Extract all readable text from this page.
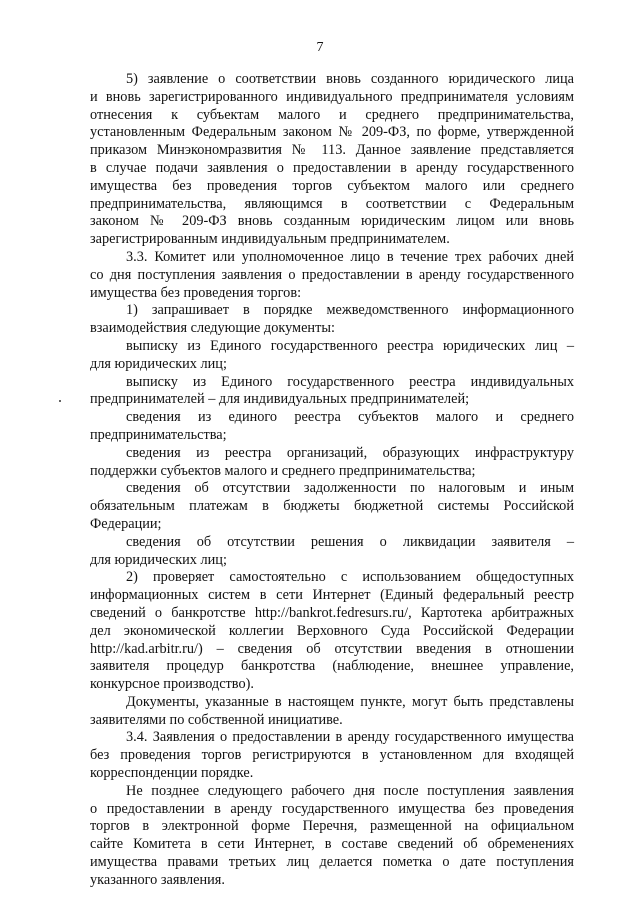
7
5) заявление о соответствии вновь созданного юридического лица
и вновь зарегистрированного индивидуального предпринимателя условиям
отнесения к субъектам малого и среднего предпринимательства,
установленным Федеральным законом № 209-ФЗ, по форме, утвержденной
приказом Минэкономразвития № 113. Данное заявление представляется
в случае подачи заявления о предоставлении в аренду государственного
имущества без проведения торгов субъектом малого или среднего
предпринимательства, являющимся в соответствии с Федеральным
законом № 209-ФЗ вновь созданным юридическим лицом или вновь
зарегистрированным индивидуальным предпринимателем.
3.3. Комитет или уполномоченное лицо в течение трех рабочих дней
со дня поступления заявления о предоставлении в аренду государственного
имущества без проведения торгов:
1) запрашивает в порядке межведомственного информационного
взаимодействия следующие документы:
выписку из Единого государственного реестра юридических лиц –
для юридических лиц;
выписку из Единого государственного реестра индивидуальных
предпринимателей – для индивидуальных предпринимателей;
сведения из единого реестра субъектов малого и среднего
предпринимательства;
сведения из реестра организаций, образующих инфраструктуру
поддержки субъектов малого и среднего предпринимательства;
сведения об отсутствии задолженности по налоговым и иным
обязательным платежам в бюджеты бюджетной системы Российской
Федерации;
сведения об отсутствии решения о ликвидации заявителя –
для юридических лиц;
2) проверяет самостоятельно с использованием общедоступных
информационных систем в сети Интернет (Единый федеральный реестр
сведений о банкротстве http://bankrot.fedresurs.ru/, Картотека арбитражных
дел экономической коллегии Верховного Суда Российской Федерации
http://kad.arbitr.ru/) – сведения об отсутствии введения в отношении
заявителя процедур банкротства (наблюдение, внешнее управление,
конкурсное производство).
Документы, указанные в настоящем пункте, могут быть представлены
заявителями по собственной инициативе.
3.4. Заявления о предоставлении в аренду государственного имущества
без проведения торгов регистрируются в установленном для входящей
корреспонденции порядке.
Не позднее следующего рабочего дня после поступления заявления
о предоставлении в аренду государственного имущества без проведения
торгов в электронной форме Перечня, размещенной на официальном
сайте Комитета в сети Интернет, в составе сведений об обременениях
имущества правами третьих лиц делается пометка о дате поступления
указанного заявления.
